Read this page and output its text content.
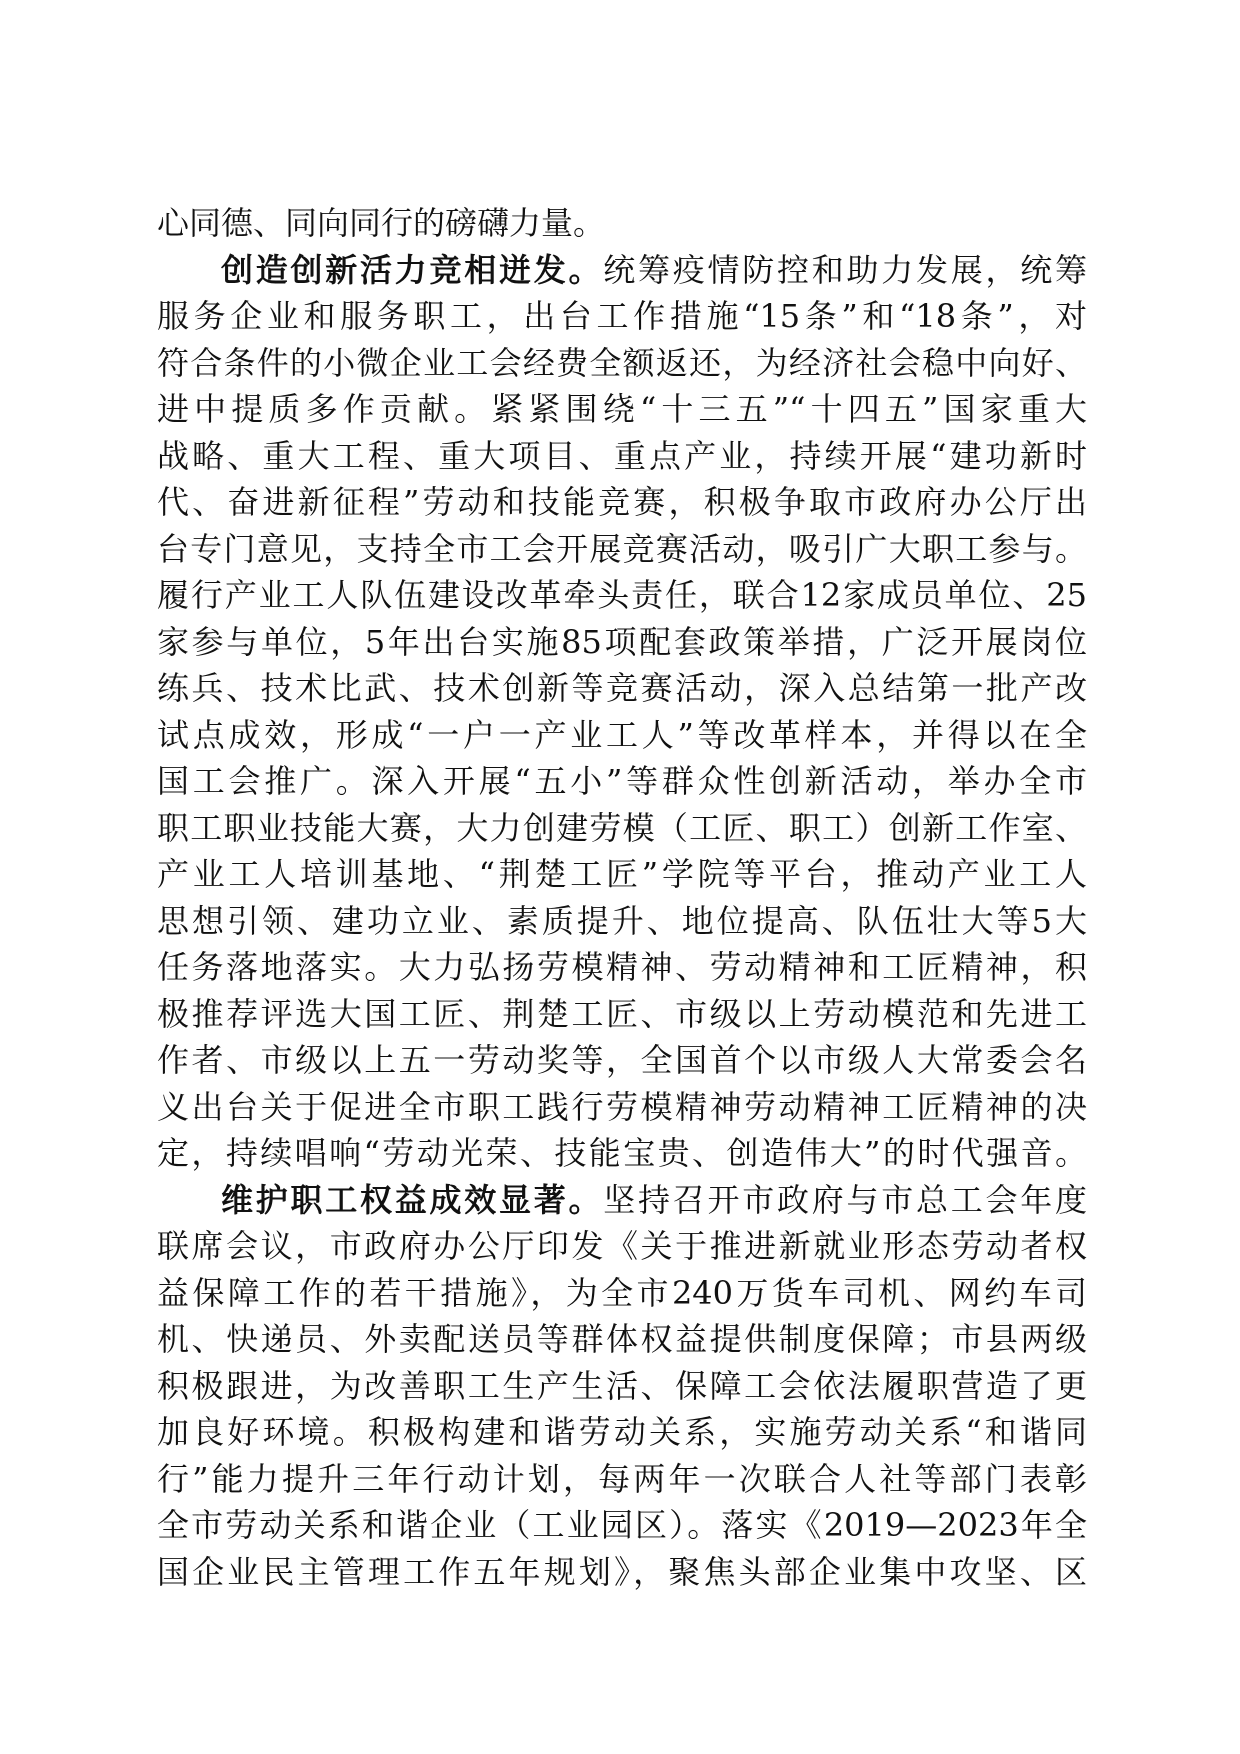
心同德、同向同行的磅礴力量。
创造创新活力竞相迸发。统筹疫情防控和助力发展，统筹
服务企业和服务职工，出台工作措施“15条”和“18条”，对
符合条件的小微企业工会经费全额返还，为经济社会稳中向好、
进中提质多作贡献。紧紧围绕“十三五”“十四五”国家重大
战略、重大工程、重大项目、重点产业，持续开展“建功新时
代、奋进新征程”劳动和技能竞赛，积极争取市政府办公厅出
台专门意见，支持全市工会开展竞赛活动，吸引广大职工参与。
履行产业工人队伍建设改革牵头责任，联合12家成员单位、25
家参与单位，5年出台实施85项配套政策举措，广泛开展岗位
练兵、技术比武、技术创新等竞赛活动，深入总结第一批产改
试点成效，形成“一户一产业工人”等改革样本，并得以在全
国工会推广。深入开展“五小”等群众性创新活动，举办全市
职工职业技能大赛，大力创建劳模（工匠、职工）创新工作室、
产业工人培训基地、“荆楚工匠”学院等平台，推动产业工人
思想引领、建功立业、素质提升、地位提高、队伍壮大等5大
任务落地落实。大力弘扬劳模精神、劳动精神和工匠精神，积
极推荐评选大国工匠、荆楚工匠、市级以上劳动模范和先进工
作者、市级以上五一劳动奖等，全国首个以市级人大常委会名
义出台关于促进全市职工践行劳模精神劳动精神工匠精神的决
定，持续唱响“劳动光荣、技能宝贵、创造伟大”的时代强音。
维护职工权益成效显著。坚持召开市政府与市总工会年度
联席会议，市政府办公厅印发《关于推进新就业形态劳动者权
益保障工作的若干措施》，为全市240万货车司机、网约车司
机、快递员、外卖配送员等群体权益提供制度保障；市县两级
积极跟进，为改善职工生产生活、保障工会依法履职营造了更
加良好环境。积极构建和谐劳动关系，实施劳动关系“和谐同
行”能力提升三年行动计划，每两年一次联合人社等部门表彰
全市劳动关系和谐企业（工业园区）。落实《2019—2023年全
国企业民主管理工作五年规划》，聚焦头部企业集中攻坚、区
